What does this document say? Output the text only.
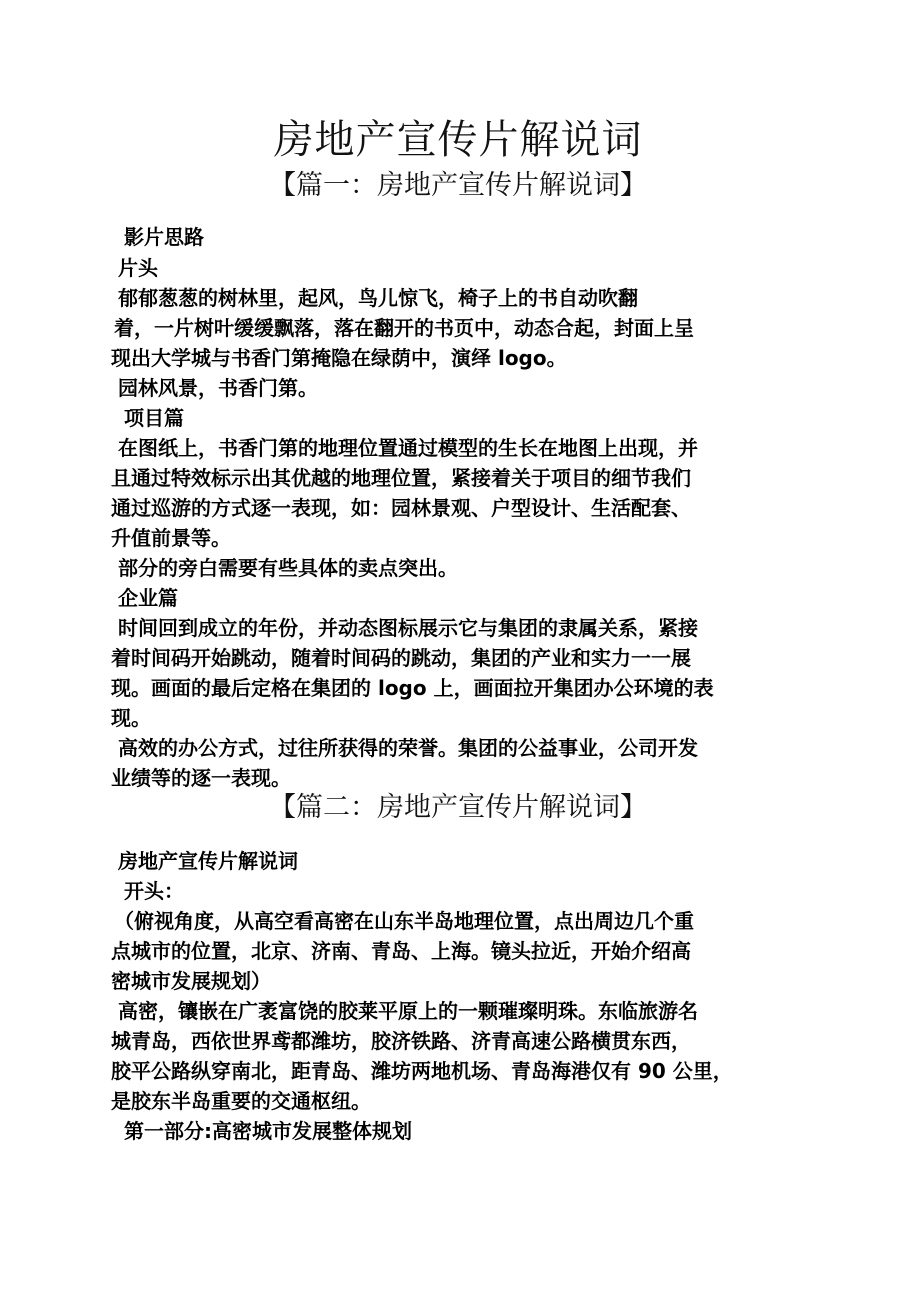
房地产宣传片解说词
【篇一：房地产宣传片解说词】
影片思路
片头
郁郁葱葱的树林里，起风，鸟儿惊飞，椅子上的书自动吹翻
着，一片树叶缓缓飘落，落在翻开的书页中，动态合起，封面上呈
现出大学城与书香门第掩隐在绿荫中，演绎 logo。
园林风景，书香门第。
项目篇
在图纸上，书香门第的地理位置通过模型的生长在地图上出现，并
且通过特效标示出其优越的地理位置，紧接着关于项目的细节我们
通过巡游的方式逐一表现，如：园林景观、户型设计、生活配套、
升值前景等。
部分的旁白需要有些具体的卖点突出。
企业篇
时间回到成立的年份，并动态图标展示它与集团的隶属关系，紧接
着时间码开始跳动，随着时间码的跳动，集团的产业和实力一一展
现。画面的最后定格在集团的 logo 上，画面拉开集团办公环境的表
现。
高效的办公方式，过往所获得的荣誉。集团的公益事业，公司开发
业绩等的逐一表现。
【篇二：房地产宣传片解说词】
房地产宣传片解说词
开头：
（俯视角度，从高空看高密在山东半岛地理位置，点出周边几个重
点城市的位置，北京、济南、青岛、上海。镜头拉近，开始介绍高
密城市发展规划）
高密，镶嵌在广袤富饶的胶莱平原上的一颗璀璨明珠。东临旅游名
城青岛，西依世界鸢都潍坊，胶济铁路、济青高速公路横贯东西，
胶平公路纵穿南北，距青岛、潍坊两地机场、青岛海港仅有 90 公里，
是胶东半岛重要的交通枢纽。
第一部分:高密城市发展整体规划
